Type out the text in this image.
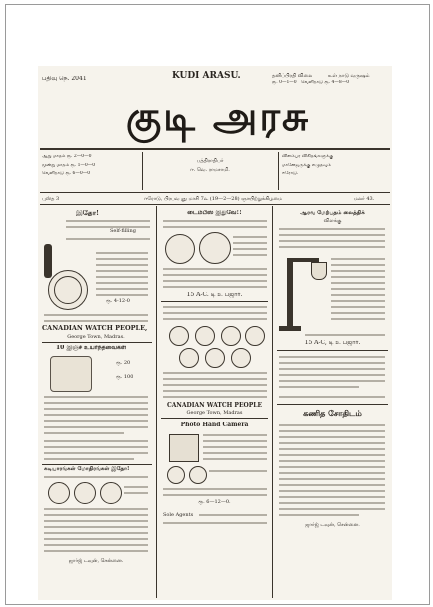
பதிவு நெ. 2041	KUDI ARASU.	தனிப்பிரதி விலை	உள் நாடு வருஷம்
ரூ. 0—1—0   வெளிநாடு ரூ. 4—8—0
குடி அரசு
ஆறு மாதம் ரூ. 2—0—0
மூன்று மாதம் ரூ. 1—0—0
வெளிநாடு ரூ. 6—0—0
பத்திராதிபர்
ஈ. வெ. ராமசாமி.
விளம்பர விகிதங்களுக்கு
மானேஜருக்கு எழுதவும்
ஈரோடு.
புஸ்த 3	ஈரோடு, பிரபவ ஞு மாசி 7௳ (19—2—28) ஞாயிற்றுக்கிழமை	மலர் 43.
இதோ!
Self-filling
ரூ. 4-12-0
CANADIAN WATCH PEOPLE,
George Town, Madras.
10 இஞ்ச் உயர்ந்தவைகள்
ரூ. 20
ரூ. 100
கடியாரங்கள் மோதிரங்கள் இதோ!
ஜார்ஜ் டவுன், சென்னை.
டைம்பீஸ் இதுவே!!
15 A-C. டி உ பஜார்.
CANADIAN WATCH PEOPLE
George Town, Madras
Photo Hand Camera
ரூ. 6—12—0.
Sole Agents
ஆரவ மேற்பதம் லைத்திக்
விளக்கு
15 A-C, டி உ பஜார்.
கணித சோதிடம்
ஜார்ஜ் டவுன், சென்னை.
